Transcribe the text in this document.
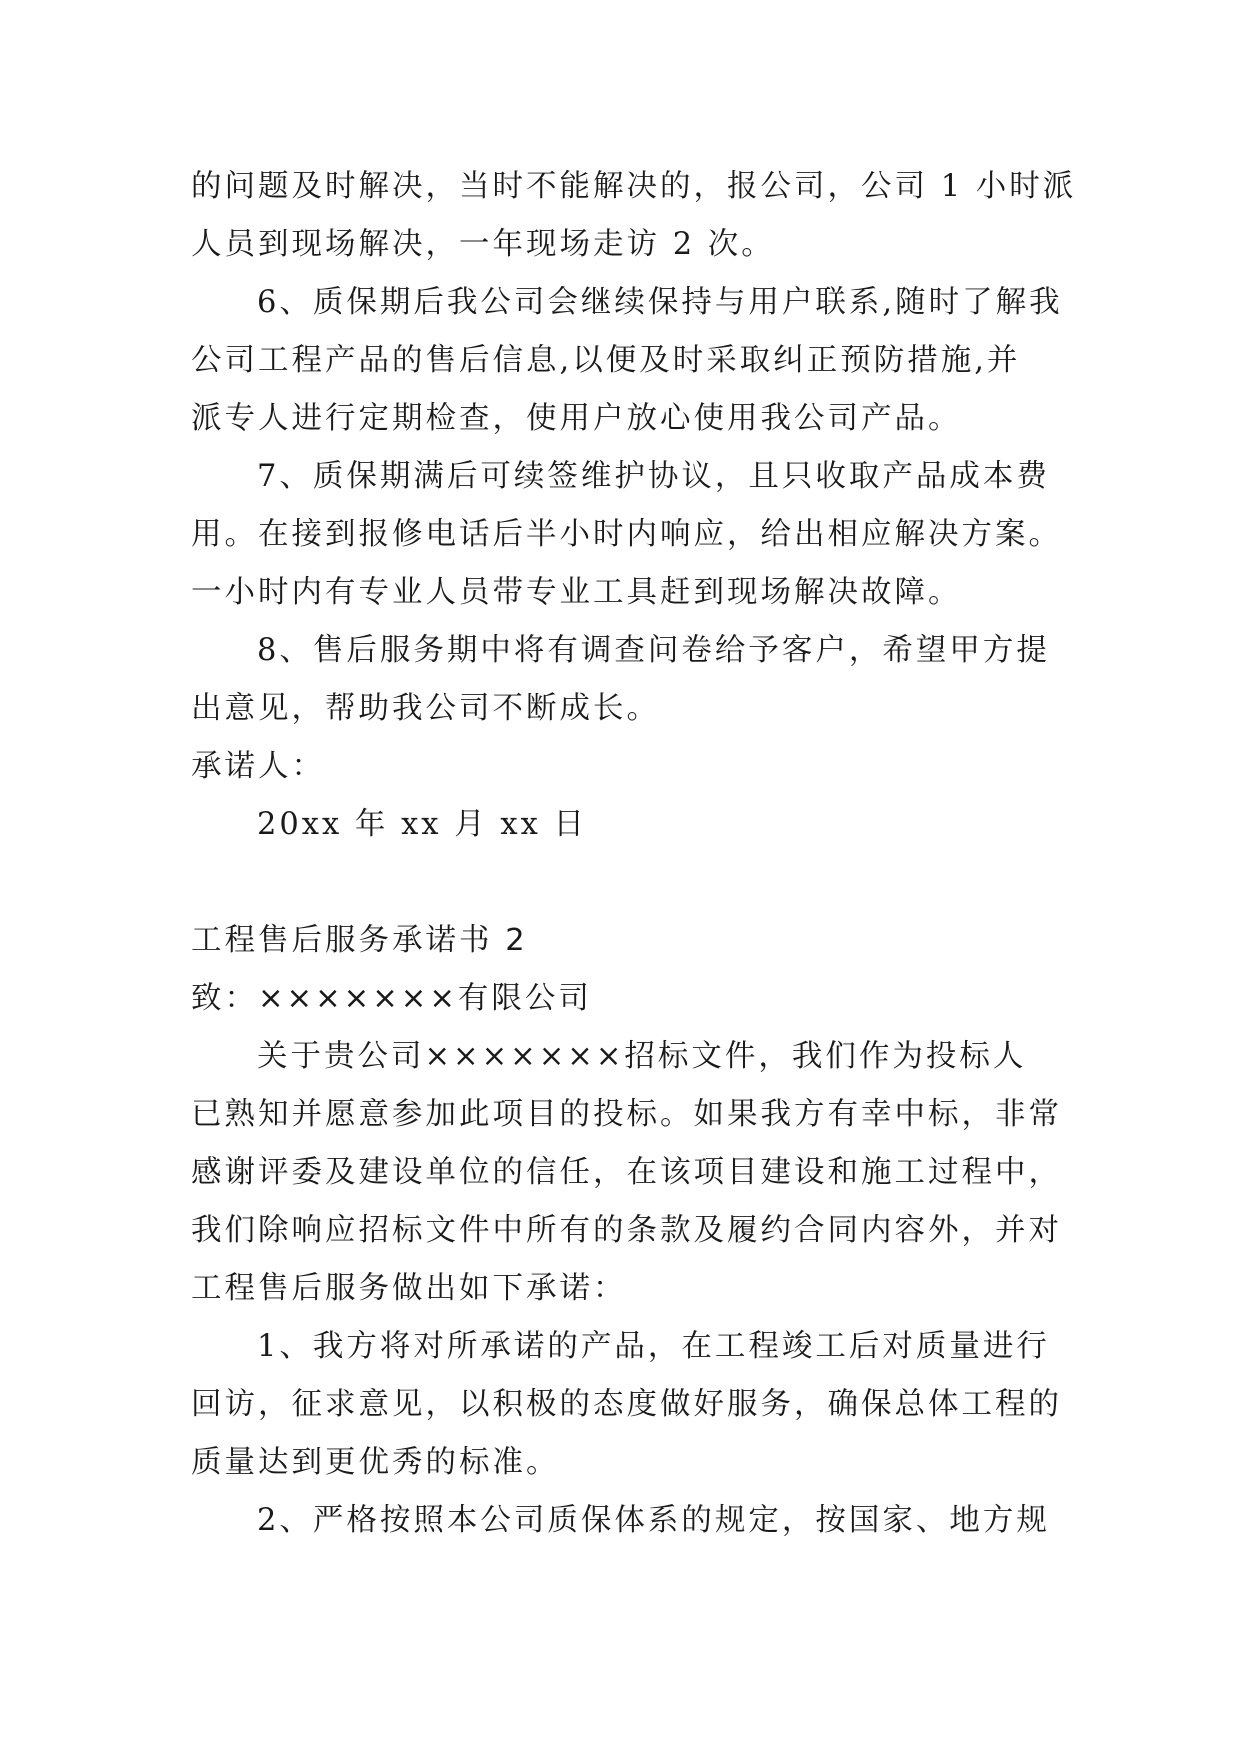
的问题及时解决，当时不能解决的，报公司，公司 1 小时派
人员到现场解决，一年现场走访 2 次。
6、质保期后我公司会继续保持与用户联系,随时了解我
公司工程产品的售后信息,以便及时采取纠正预防措施,并
派专人进行定期检查，使用户放心使用我公司产品。
7、质保期满后可续签维护协议，且只收取产品成本费
用。在接到报修电话后半小时内响应，给出相应解决方案。
一小时内有专业人员带专业工具赶到现场解决故障。
8、售后服务期中将有调查问卷给予客户，希望甲方提
出意见，帮助我公司不断成长。
承诺人：
20xx 年 xx 月 xx 日
工程售后服务承诺书 2
致：×××××××有限公司
关于贵公司×××××××招标文件，我们作为投标人
已熟知并愿意参加此项目的投标。如果我方有幸中标，非常
感谢评委及建设单位的信任，在该项目建设和施工过程中，
我们除响应招标文件中所有的条款及履约合同内容外，并对
工程售后服务做出如下承诺：
1、我方将对所承诺的产品，在工程竣工后对质量进行
回访，征求意见，以积极的态度做好服务，确保总体工程的
质量达到更优秀的标准。
2、严格按照本公司质保体系的规定，按国家、地方规
